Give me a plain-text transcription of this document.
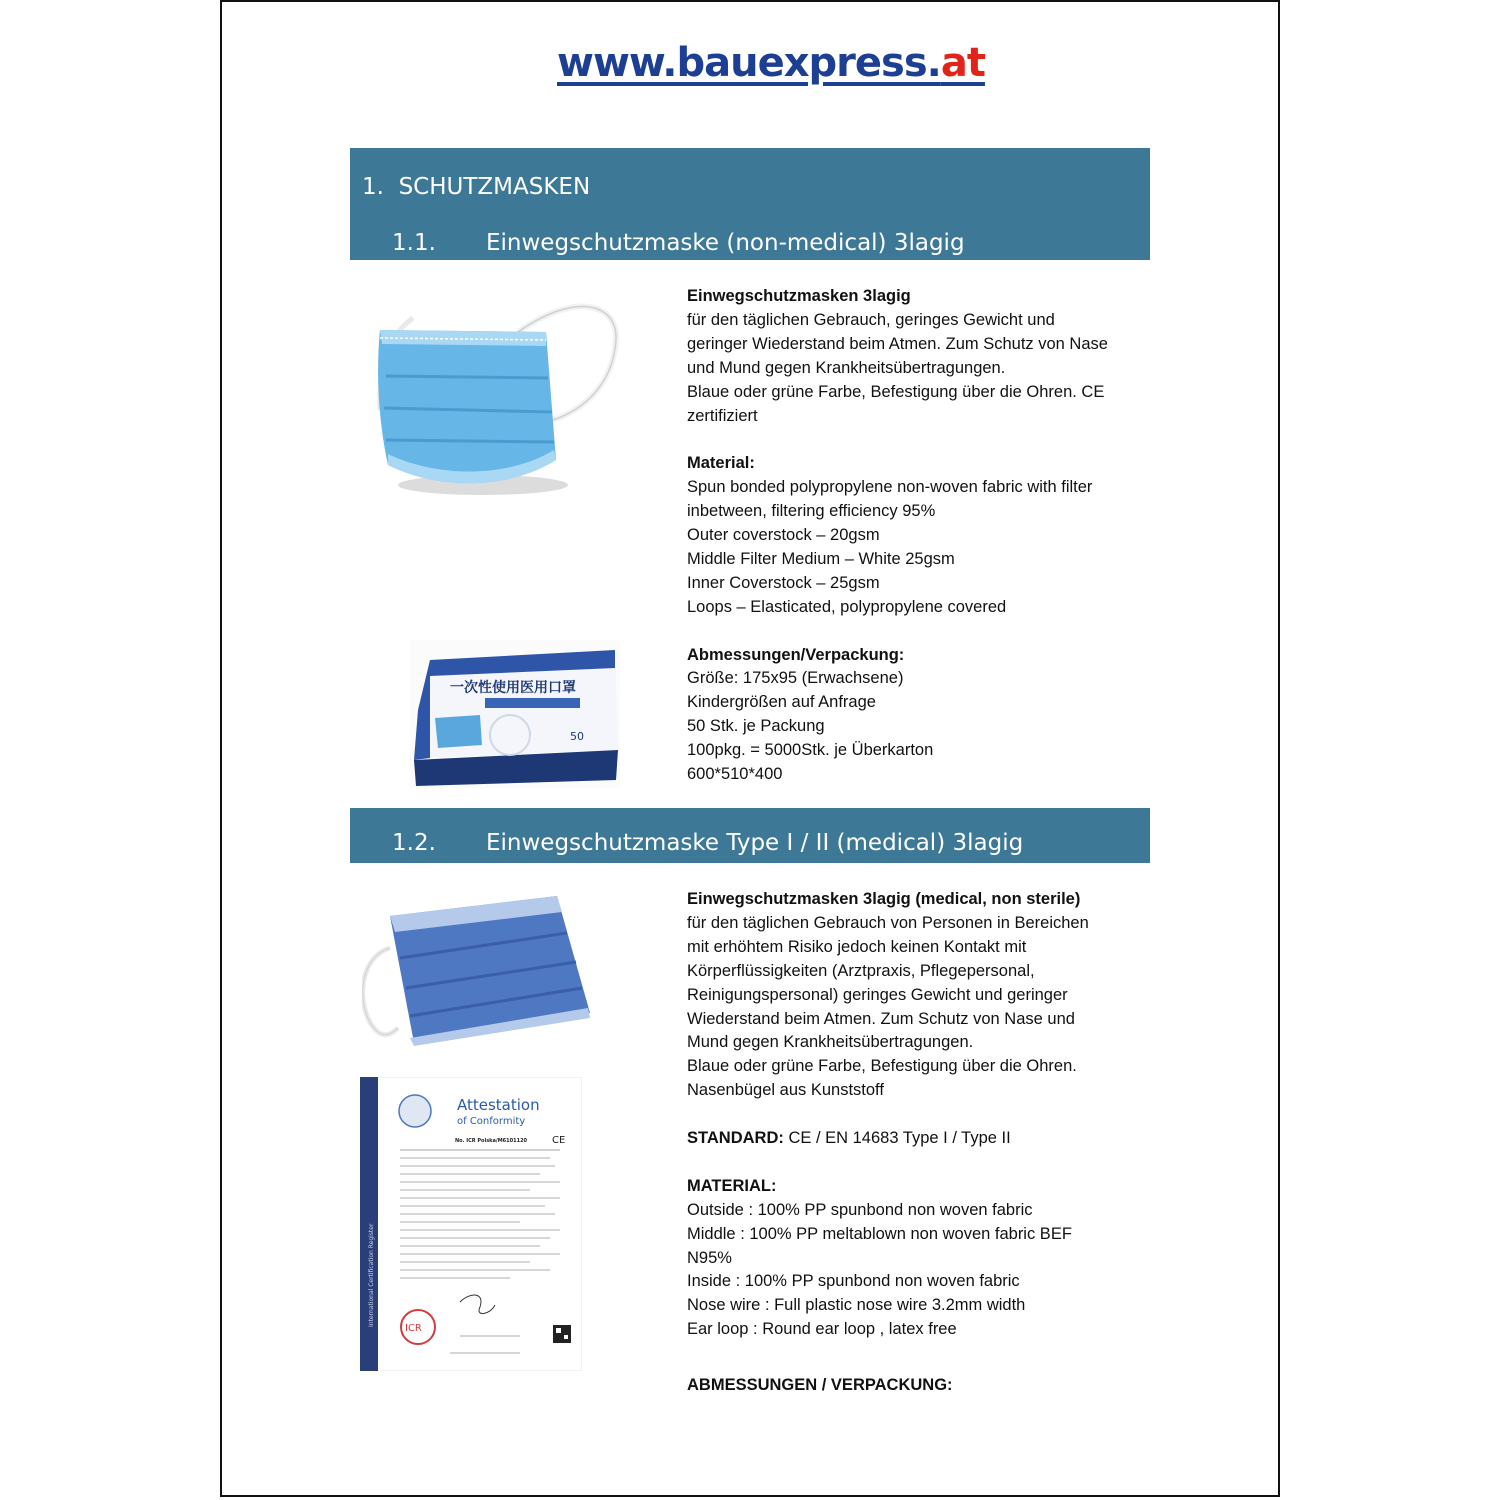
www.bauexpress.at
1. SCHUTZMASKEN
1.1. Einwegschutzmaske (non-medical) 3lagig
一次性使用医用口罩
50

Einwegschutzmasken 3lagig

für den täglichen Gebrauch, geringes Gewicht und

geringer Wiederstand beim Atmen. Zum Schutz von Nase

und Mund gegen Krankheitsübertragungen.

Blaue oder grüne Farbe, Befestigung über die Ohren. CE

zertifiziert

Material:

Spun bonded polypropylene non-woven fabric with filter

inbetween, filtering efficiency 95%

Outer coverstock – 20gsm

Middle Filter Medium – White 25gsm

Inner Coverstock – 25gsm

Loops – Elasticated, polypropylene covered

Abmessungen/Verpackung:

Größe: 175x95 (Erwachsene)

Kindergrößen auf Anfrage

50 Stk. je Packung

100pkg. = 5000Stk. je Überkarton

600*510*400

1.2. Einwegschutzmaske Type I / II (medical) 3lagig
International Certification Register
Attestation
of Conformity
No. ICR Polska/M6101120 CE
ICR

Einwegschutzmasken 3lagig (medical, non sterile)

für den täglichen Gebrauch von Personen in Bereichen

mit erhöhtem Risiko jedoch keinen Kontakt mit

Körperflüssigkeiten (Arztpraxis, Pflegepersonal,

Reinigungspersonal) geringes Gewicht und geringer

Wiederstand beim Atmen. Zum Schutz von Nase und

Mund gegen Krankheitsübertragungen.

Blaue oder grüne Farbe, Befestigung über die Ohren.

Nasenbügel aus Kunststoff

STANDARD: CE / EN 14683 Type I / Type II

MATERIAL:

Outside : 100% PP spunbond non woven fabric

Middle : 100% PP meltablown non woven fabric BEF

N95%

Inside : 100% PP spunbond non woven fabric

Nose wire : Full plastic nose wire 3.2mm width

Ear loop : Round ear loop , latex free

ABMESSUNGEN / VERPACKUNG:
